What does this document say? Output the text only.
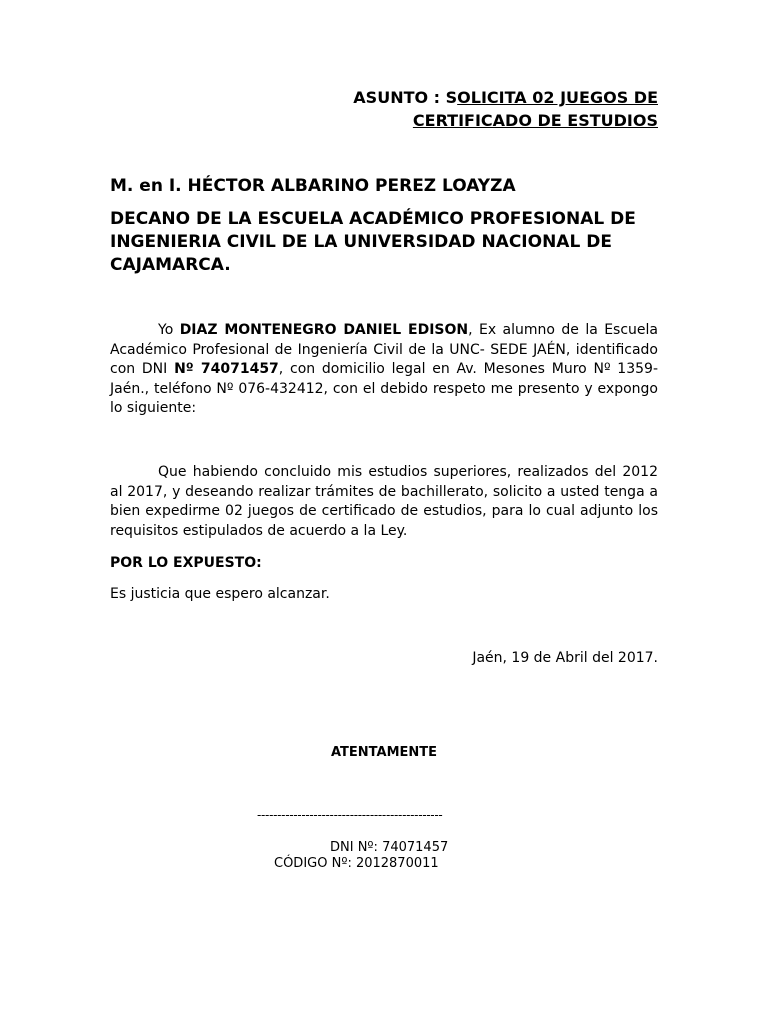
ASUNTO : SOLICITA 02 JUEGOS DE
CERTIFICADO DE ESTUDIOS
M. en I. HÉCTOR ALBARINO PEREZ LOAYZA
DECANO DE LA ESCUELA ACADÉMICO PROFESIONAL DE INGENIERIA CIVIL DE LA UNIVERSIDAD NACIONAL DE CAJAMARCA.
Yo DIAZ MONTENEGRO DANIEL EDISON, Ex alumno de la Escuela Académico Profesional de Ingeniería Civil de la UNC- SEDE JAÉN, identificado con DNI Nº 74071457, con domicilio legal en Av. Mesones Muro Nº 1359- Jaén., teléfono Nº 076-432412, con el debido respeto me presento y expongo lo siguiente:
Que habiendo concluido mis estudios superiores, realizados del 2012 al 2017, y deseando realizar trámites de bachillerato, solicito a usted tenga a bien expedirme 02 juegos de certificado de estudios, para lo cual adjunto los requisitos estipulados de acuerdo a la Ley.
POR LO EXPUESTO:
Es justicia que espero alcanzar.
Jaén, 19 de Abril del 2017.
ATENTAMENTE
----------------------------------------------
DNI Nº: 74071457
CÓDIGO Nº: 2012870011
